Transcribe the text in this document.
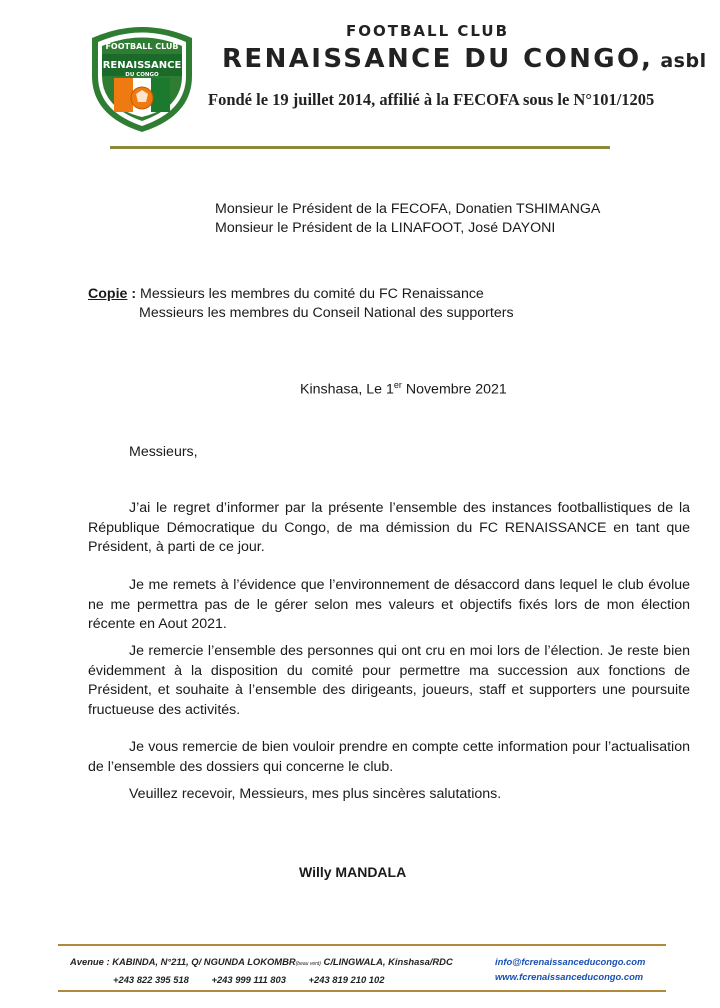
FOOTBALL CLUB
RENAISSANCE
DU CONGO
FOOTBALL CLUB
RENAISSANCE DU CONGO, asbl
Fondé le 19 juillet 2014, affilié à la FECOFA sous le N°101/1205
Monsieur le Président de la FECOFA, Donatien TSHIMANGA
Monsieur le Président de la LINAFOOT, José DAYONI
Copie : Messieurs les membres du comité du FC Renaissance
Messieurs les membres du Conseil National des supporters
Kinshasa, Le 1er Novembre 2021
Messieurs,

J’ai le regret d’informer par la présente l’ensemble des instances footballistiques de la République Démocratique du Congo, de ma démission du FC RENAISSANCE en tant que Président, à parti de ce jour.

Je me remets à l’évidence que l’environnement de désaccord dans lequel le club évolue ne me permettra pas de le gérer selon mes valeurs et objectifs fixés lors de mon élection récente en Aout 2021.

Je remercie l’ensemble des personnes qui ont cru en moi lors de l’élection. Je reste bien évidemment à la disposition du comité pour permettre ma succession aux fonctions de Président, et souhaite à l’ensemble des dirigeants, joueurs, staff et supporters une poursuite fructueuse des activités.

Je vous remercie de bien vouloir prendre en compte cette information pour l’actualisation de l’ensemble des dossiers qui concerne le club.

Veuillez recevoir, Messieurs, mes plus sincères salutations.

Willy MANDALA
Avenue : KABINDA, N°211, Q/ NGUNDA LOKOMBR(beau vent) C/LINGWALA, Kinshasa/RDC
+243 822 395 518 +243 999 111 803 +243 819 210 102
info@fcrenaissanceducongo.com
www.fcrenaissanceducongo.com
